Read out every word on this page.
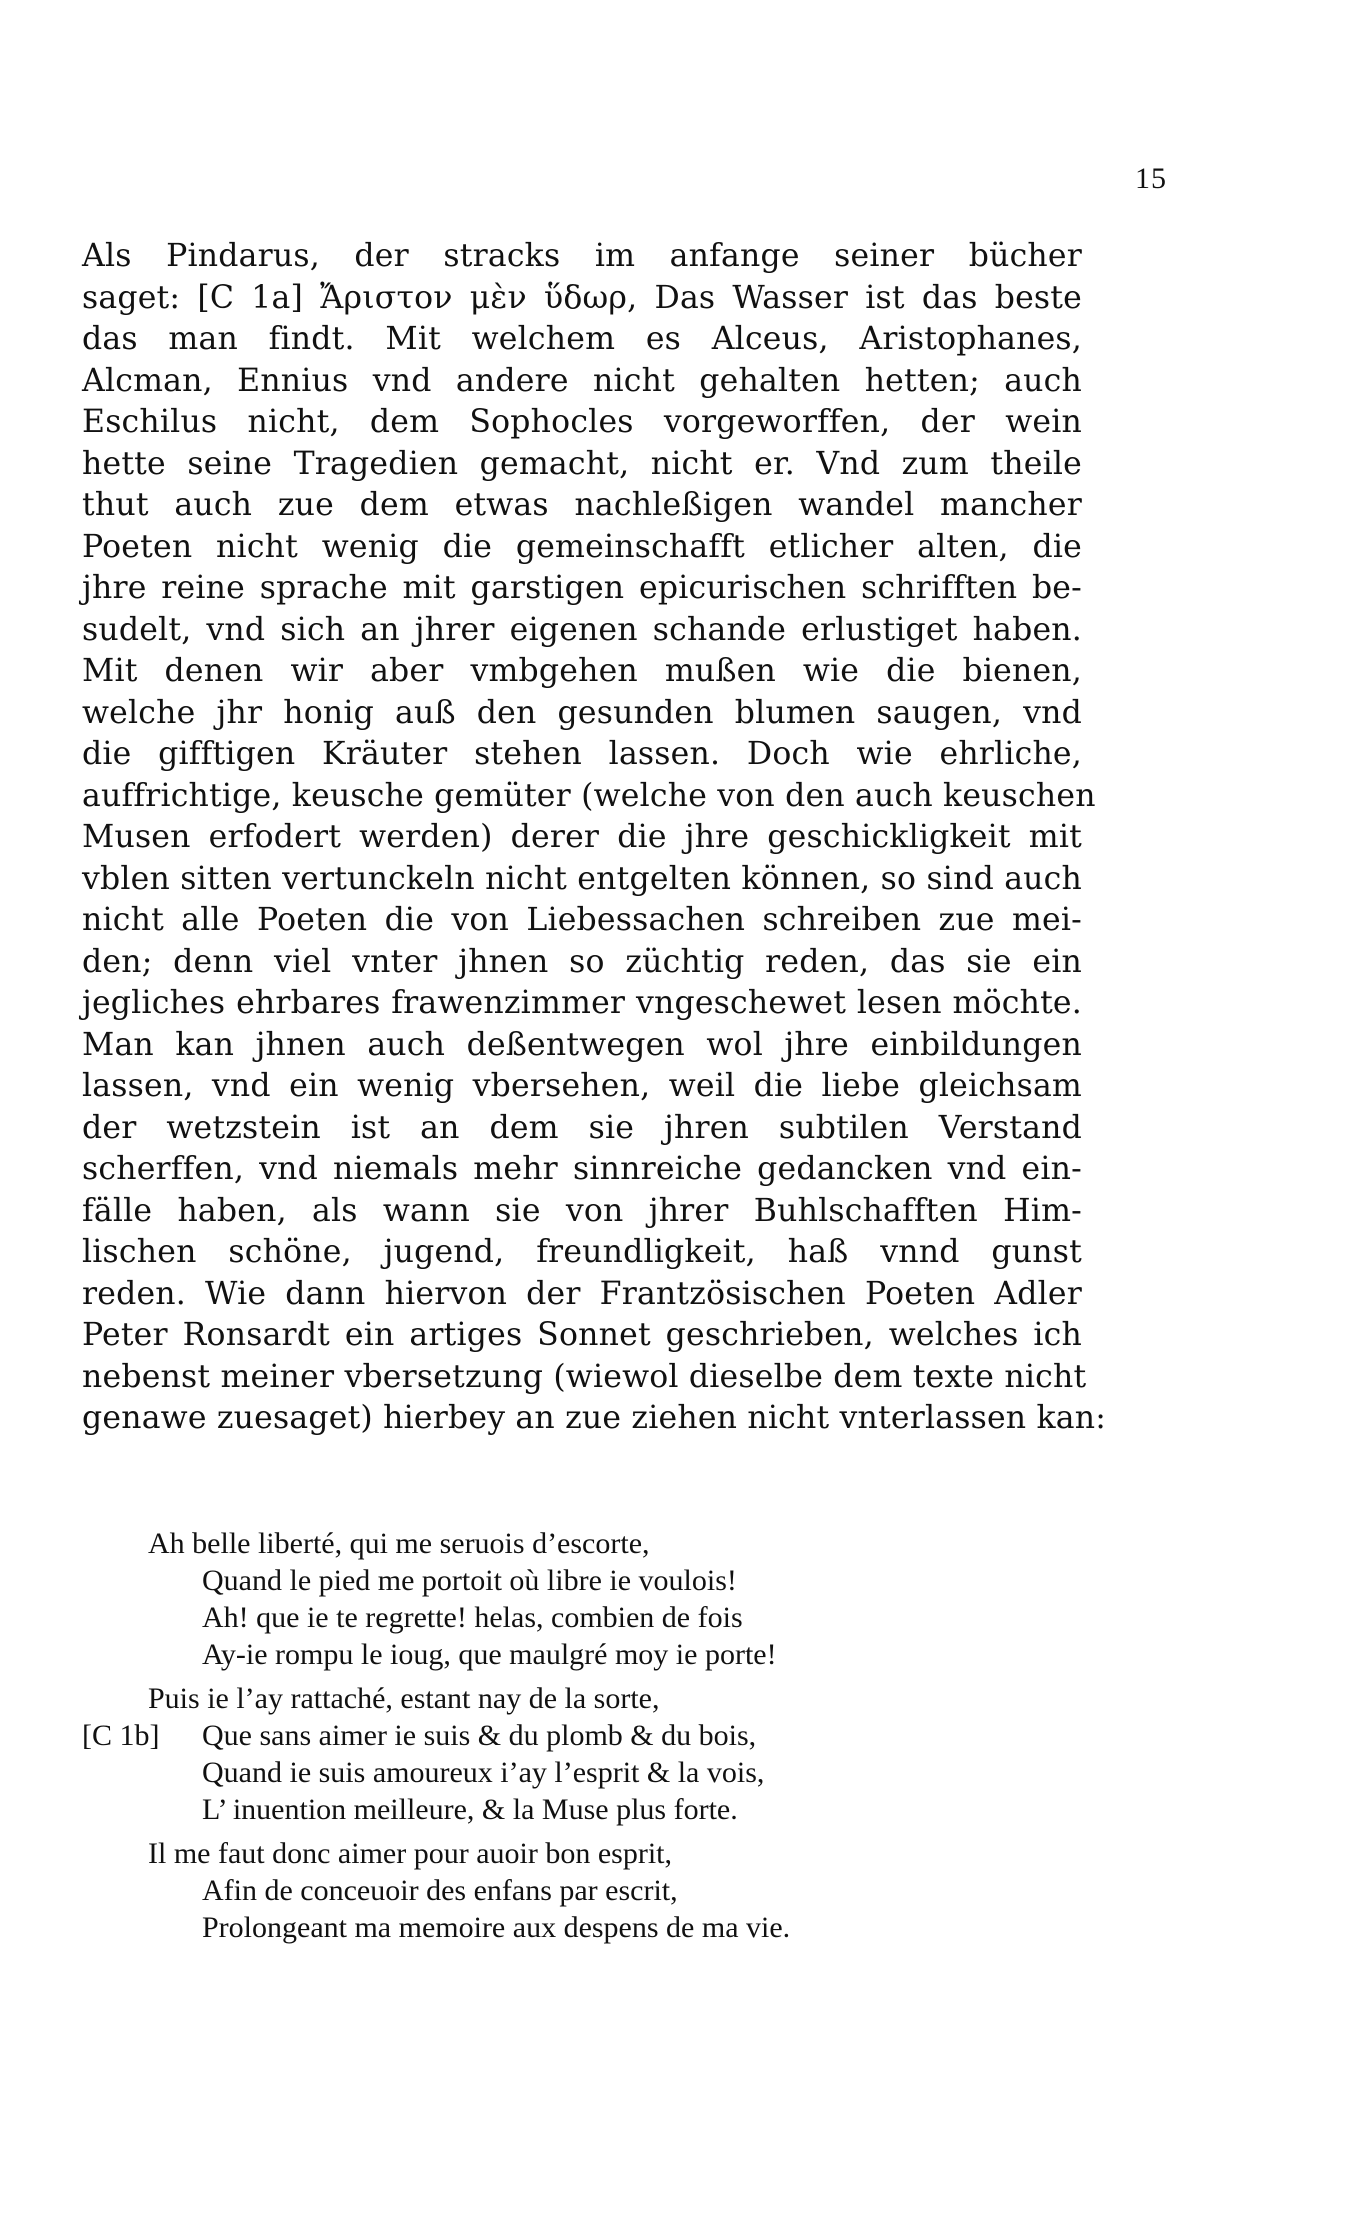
15
Als Pindarus, der stracks im anfange seiner bücher
saget: [C 1a] Ἄριστον μὲν ὕδωρ, Das Wasser ist das beste
das man findt. Mit welchem es Alceus, Aristophanes,
Alcman, Ennius vnd andere nicht gehalten hetten; auch
Eschilus nicht, dem Sophocles vorgeworffen, der wein
hette seine Tragedien gemacht, nicht er. Vnd zum theile
thut auch zue dem etwas nachleßigen wandel mancher
Poeten nicht wenig die gemeinschafft etlicher alten, die
jhre reine sprache mit garstigen epicurischen schrifften be-
sudelt, vnd sich an jhrer eigenen schande erlustiget haben.
Mit denen wir aber vmbgehen mußen wie die bienen,
welche jhr honig auß den gesunden blumen saugen, vnd
die gifftigen Kräuter stehen lassen. Doch wie ehrliche,
auffrichtige, keusche gemüter (welche von den auch keuschen
Musen erfodert werden) derer die jhre geschickligkeit mit
vblen sitten vertunckeln nicht entgelten können, so sind auch
nicht alle Poeten die von Liebessachen schreiben zue mei-
den; denn viel vnter jhnen so züchtig reden, das sie ein
jegliches ehrbares frawenzimmer vngeschewet lesen möchte.
Man kan jhnen auch deßentwegen wol jhre einbildungen
lassen, vnd ein wenig vbersehen, weil die liebe gleichsam
der wetzstein ist an dem sie jhren subtilen Verstand
scherffen, vnd niemals mehr sinnreiche gedancken vnd ein-
fälle haben, als wann sie von jhrer Buhlschafften Him-
lischen schöne, jugend, freundligkeit, haß vnnd gunst
reden. Wie dann hiervon der Frantzösischen Poeten Adler
Peter Ronsardt ein artiges Sonnet geschrieben, welches ich
nebenst meiner vbersetzung (wiewol dieselbe dem texte nicht
genawe zuesaget) hierbey an zue ziehen nicht vnterlassen kan:
Ah belle liberté, qui me seruois d’escorte,
Quand le pied me portoit où libre ie voulois!
Ah! que ie te regrette! helas, combien de fois
Ay-ie rompu le ioug, que maulgré moy ie porte!
Puis ie l’ay rattaché, estant nay de la sorte,
[C 1b] Que sans aimer ie suis & du plomb & du bois,
Quand ie suis amoureux i’ay l’esprit & la vois,
L’ inuention meilleure, & la Muse plus forte.
Il me faut donc aimer pour auoir bon esprit,
Afin de conceuoir des enfans par escrit,
Prolongeant ma memoire aux despens de ma vie.
